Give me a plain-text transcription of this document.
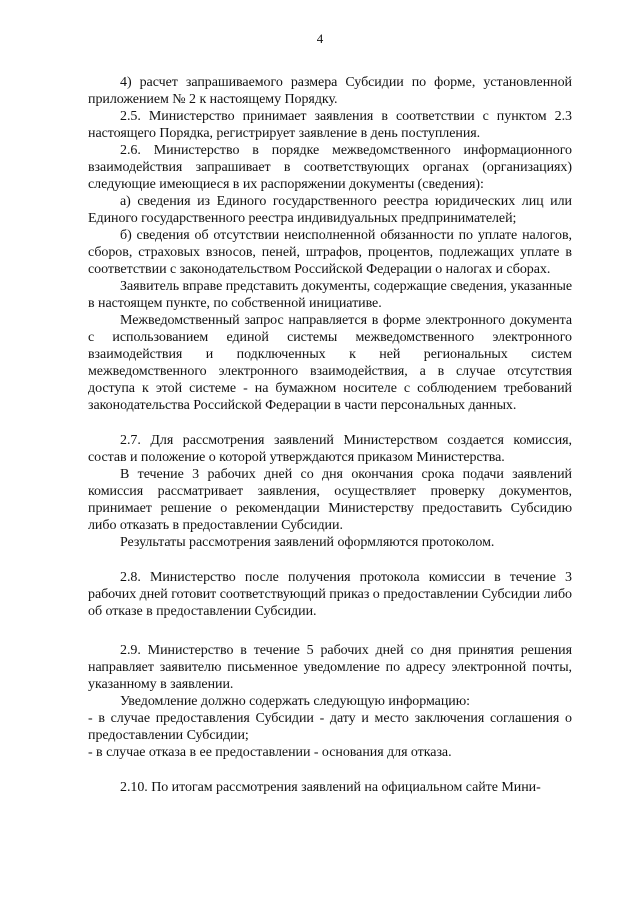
4

4) расчет запрашиваемого размера Субсидии по форме, установленной приложением № 2 к настоящему Порядку.

2.5. Министерство принимает заявления в соответствии с пунктом 2.3 настоящего Порядка, регистрирует заявление в день поступления.

2.6. Министерство в порядке межведомственного информационного взаимодействия запрашивает в соответствующих органах (организациях) следующие имеющиеся в их распоряжении документы (сведения):

а) сведения из Единого государственного реестра юридических лиц или Единого государственного реестра индивидуальных предпринимателей;

б) сведения об отсутствии неисполненной обязанности по уплате налогов, сборов, страховых взносов, пеней, штрафов, процентов, подлежащих уплате в соответствии с законодательством Российской Федерации о налогах и сборах.

Заявитель вправе представить документы, содержащие сведения, указанные в настоящем пункте, по собственной инициативе.

Межведомственный запрос направляется в форме электронного документа с использованием единой системы межведомственного электронного взаимодействия и подключенных к ней региональных систем межведомственного электронного взаимодействия, а в случае отсутствия доступа к этой системе - на бумажном носителе с соблюдением требований законодательства Российской Федерации в части персональных данных.

2.7. Для рассмотрения заявлений Министерством создается комиссия, состав и положение о которой утверждаются приказом Министерства.

В течение 3 рабочих дней со дня окончания срока подачи заявлений комиссия рассматривает заявления, осуществляет проверку документов, принимает решение о рекомендации Министерству предоставить Субсидию либо отказать в предоставлении Субсидии.

Результаты рассмотрения заявлений оформляются протоколом.

2.8. Министерство после получения протокола комиссии в течение 3 рабочих дней готовит соответствующий приказ о предоставлении Субсидии либо об отказе в предоставлении Субсидии.

2.9. Министерство в течение 5 рабочих дней со дня принятия решения направляет заявителю письменное уведомление по адресу электронной почты, указанному в заявлении.

Уведомление должно содержать следующую информацию:

- в случае предоставления Субсидии - дату и место заключения соглашения о предоставлении Субсидии;

- в случае отказа в ее предоставлении - основания для отказа.

2.10. По итогам рассмотрения заявлений на официальном сайте Мини-
